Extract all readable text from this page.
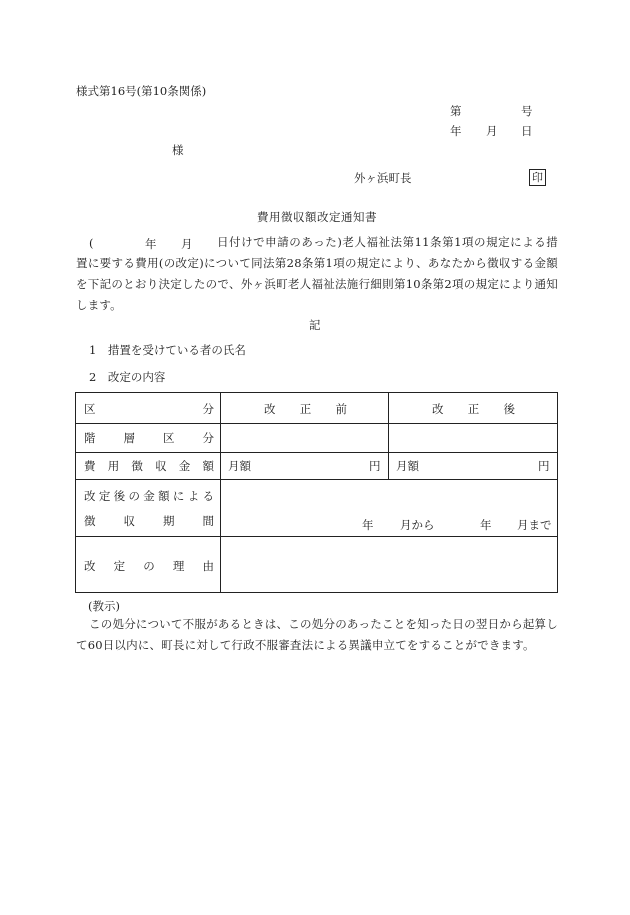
様式第16号(第10条関係)
第	号
年 月 日
様
外ヶ浜町長	印
費用徴収額改定通知書
(	年 月	日付けで申請のあった)老人福祉法第11条第1項の規定による措置に要する費用(の改定)について同法第28条第1項の規定により、あなたから徴収する金額を下記のとおり決定したので、外ヶ浜町老人福祉法施行細則第10条第2項の規定により通知します。
記
1　措置を受けている者の氏名
2　改定の内容
区	分	改 正 前	改 正 後
階 層 区 分
費 用 徴 収 金 額 月額	円 月額	円
改 定 後 の 金 額 に よ る
徴 収 期 間	年 月から	年 月まで
改 定 の 理 由
(教示)
この処分について不服があるときは、この処分のあったことを知った日の翌日から起算して60日以内に、町長に対して行政不服審査法による異議申立てをすることができます。
